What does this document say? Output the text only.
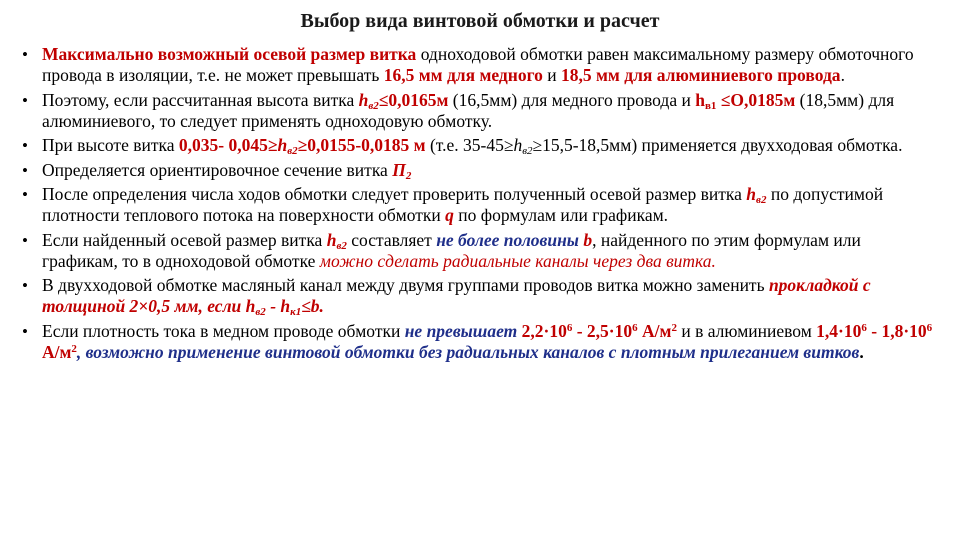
Выбор вида винтовой обмотки и расчет
• Максимально возможный осевой размер витка одноходовой обмотки равен максимальному размеру обмоточного провода в изоляции, т.е. не может превышать 16,5 мм для медного и 18,5 мм для алюминиевого провода.
• Поэтому, если рассчитанная высота витка $h_{в2}\le 0,0165м$ (16,5мм) для медного провода и $h_{в1} \le О,0185м$ (18,5мм) для алюминиевого, то следует применять одноходовую обмотку.
• При высоте витка 0,035- $0,045\ge h_{в2}\ge 0,0155-0,0185$ м (т.е. $35-45\ge h_{в2}\ge 15,5-18,5мм$) применяется двухходовая обмотка.
• Определяется ориентировочное сечение витка $П_2$
• После определения числа ходов обмотки следует проверить полученный осевой размер витка $h_{в2}$ по допустимой плотности теплового потока на поверхности обмотки q по формулам или графикам.
• Если найденный осевой размер витка $h_{в2}$ составляет не более половины b, найденного по этим формулам или графикам, то в одноходовой обмотке можно сделать радиальные каналы через два витка.
• В двухходовой обмотке масляный канал между двумя группами проводов витка можно заменить прокладкой с толщиной 2×0,5 мм, если $h_{в2} - h_{к1}\le b$.
• Если плотность тока в медном проводе обмотки не превышает $2,2\cdot 10^6 - 2,5\cdot 10^6$ $А/м^2$ и в алюминиевом $1,4\cdot 10^6 - 1,8\cdot 10^6$ $А/м^2$, возможно применение винтовой обмотки без радиальных каналов с плотным прилеганием витков.
